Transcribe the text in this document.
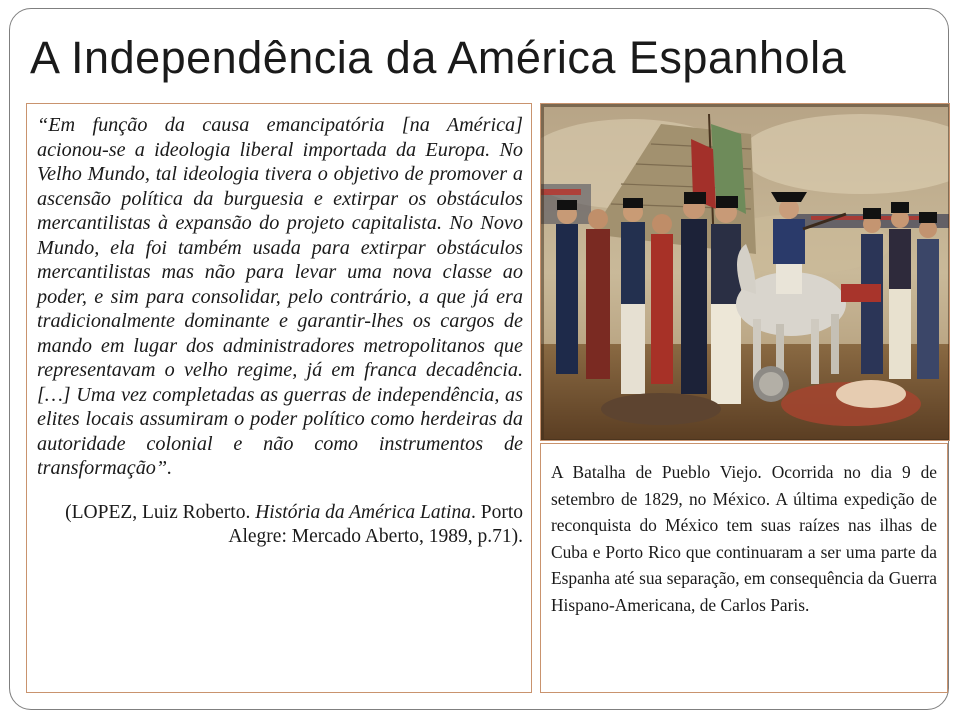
A Independência da América Espanhola

“Em função da causa emancipatória [na América] acionou-se a ideologia liberal importada da Europa. No Velho Mundo, tal ideologia tivera o objetivo de promover a ascensão política da burguesia e extirpar os obstáculos mercantilistas à expansão do projeto capitalista. No Novo Mundo, ela foi também usada para extirpar obstáculos mercantilistas mas não para levar uma nova classe ao poder, e sim para consolidar, pelo contrário, a que já era tradicionalmente dominante e garantir-lhes os cargos de mando em lugar dos administradores metropolitanos que representavam o velho regime, já em franca decadência. […] Uma vez completadas as guerras de independência, as elites locais assumiram o poder político como herdeiras da autoridade colonial e não como instrumentos de transformação”.

(LOPEZ, Luiz Roberto. História da América Latina. Porto Alegre: Mercado Aberto, 1989, p.71).

A Batalha de Pueblo Viejo. Ocorrida no dia 9 de setembro de 1829, no México. A última expedição de reconquista do México tem suas raízes nas ilhas de Cuba e Porto Rico que continuaram a ser uma parte da Espanha até sua separação, em consequência da Guerra Hispano-Americana, de Carlos Paris.
